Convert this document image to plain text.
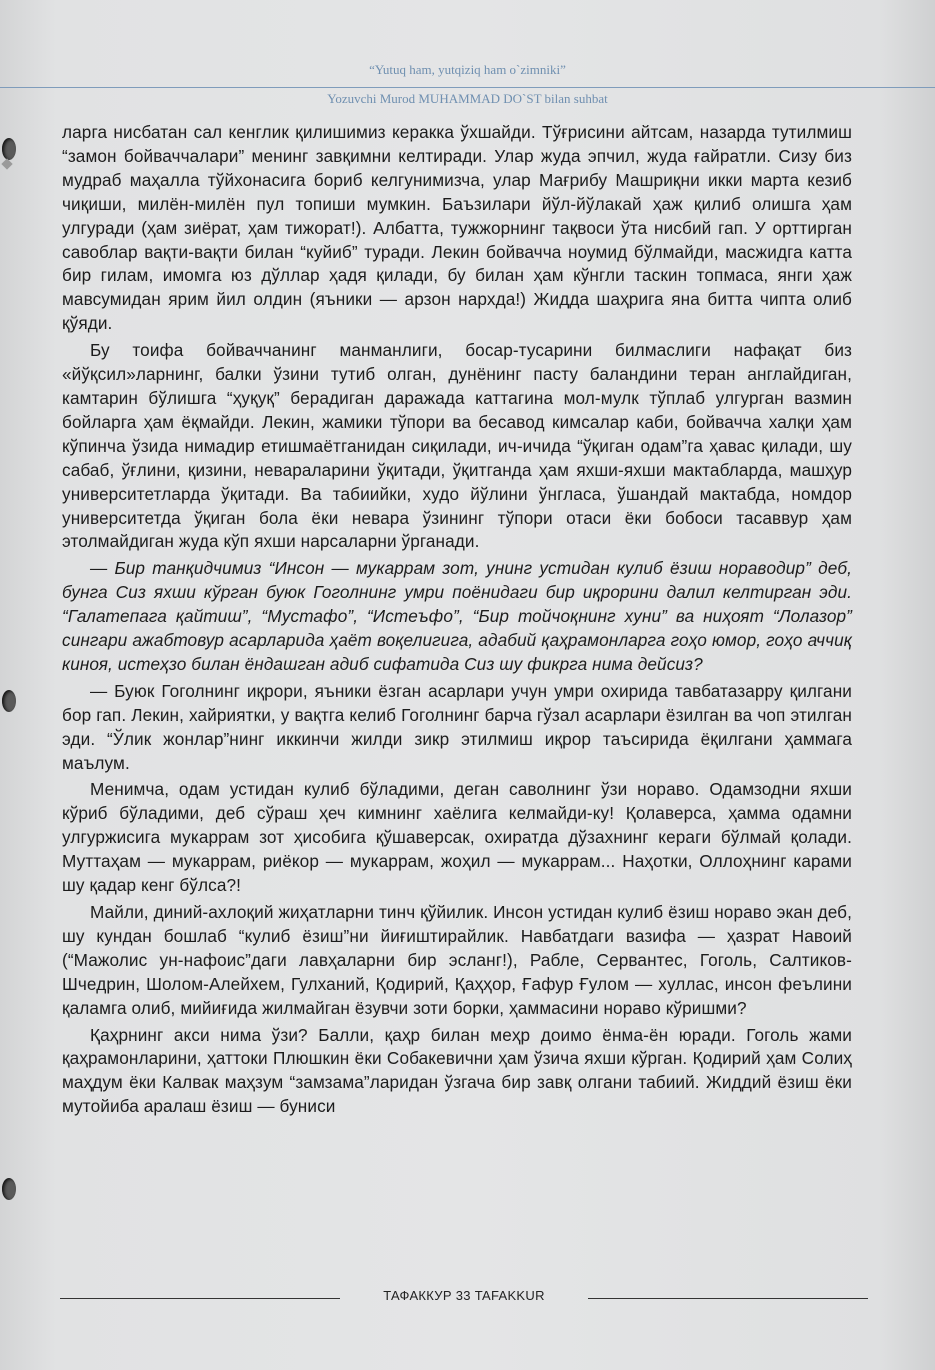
“Yutuq ham, yutqiziq ham o`zimniki”
Yozuvchi Murod MUHAMMAD DO`ST bilan suhbat

ларга нисбатан сал кенглик қилишимиз кеpакка ўхшайди. Тўғрисини айтсам, назарда тутилмиш “замон бойваччалари” менинг завқимни келтиради. Улар жуда эпчил, жуда ғайратли. Сизу биз мудраб маҳалла тўйхонасига бориб келгунимизча, улар Мағрибу Машриқни икки марта кезиб чиқиши, милён-милён пул топиши мумкин. Баъзилари йўл-йўлакай ҳаж қилиб олишга ҳам улгуради (ҳам зиёрат, ҳам тижорат!). Албатта, тужжорнинг тақвоси ўта нисбий гап. У орттирган савоблар вақти-вақти билан “куйиб” туради. Лекин бойвачча ноумид бўлмайди, масжидга катта бир гилам, имомга юз дўллар ҳадя қилади, бу билан ҳам кўнгли таскин топмаса, янги ҳаж мавсумидан ярим йил олдин (яъники — арзон нархда!) Жидда шаҳрига яна битта чипта олиб қўяди.

Бу тоифа бойваччанинг манманлиги, босар-тусарини билмаслиги нафақат биз «йўқсил»ларнинг, балки ўзини тутиб олган, дунёнинг пасту баландини теран англайдиган, камтарин бўлишга “ҳуқуқ” берадиган даражада каттагина мол-мулк тўплаб улгурган вазмин бойларга ҳам ёқмайди. Лекин, жамики тўпори ва бесавод кимсалар каби, бойвачча халқи ҳам кўпинча ўзида нимадир етишмаётганидан сиқилади, ич-ичида “ўқиган одам”га ҳавас қилади, шу сабаб, ўғлини, қизини, невараларини ўқитади, ўқитганда ҳам яхши-яхши мактабларда, машҳур университетларда ўқитади. Ва табиийки, худо йўлини ўнгласа, ўшандай мактабда, номдор университетда ўқиган бола ёки невара ўзининг тўпори отаси ёки бобоси тасаввур ҳам этолмайдиган жуда кўп яхши нарсаларни ўрганади.

— Бир танқидчимиз “Инсон — мукаррам зот, унинг устидан кулиб ёзиш норавoдир” деб, бунга Сиз яхши кўрган буюк Гоголнинг умри поёнидаги бир иқрорини далил келтирган эди. “Галатепага қайтиш”, “Мустафо”, “Истеъфо”, “Бир тойчоқнинг хуни” ва ниҳоят “Лолазор” сингари ажабтовур асарларида ҳаёт воқелигига, адабий қаҳрамонларга гоҳо юмор, гоҳо аччиқ киноя, истеҳзо билан ёндашган адиб сифатида Сиз шу фикрга нима дейсиз?

— Буюк Гоголнинг иқрори, яъники ёзган асарлари учун умри охирида тавбатазарру қилгани бор гап. Лекин, хайриятки, у вақтга келиб Гоголнинг барча гўзал асарлари ёзилган ва чоп этилган эди. “Ўлик жонлар”нинг иккинчи жилди зикр этилмиш иқрор таъсирида ёқилгани ҳаммага маълум.

Менимча, одам устидан кулиб бўладими, деган саволнинг ўзи норавo. Одамзодни яхши кўриб бўладими, деб сўраш ҳеч кимнинг хаёлига келмайди-ку! Қолаверса, ҳамма одамни улгуржисига мукаррам зот ҳисобига қўшаверсак, охиратда дўзахнинг кераги бўлмай қолади. Муттаҳам — мукаррам, риёкор — мукаррам, жоҳил — мукаррам... Наҳотки, Оллоҳнинг карами шу қадар кенг бўлса?!

Майли, диний-ахлоқий жиҳатларни тинч қўйилик. Инсон устидан кулиб ёзиш норавo экан деб, шу кундан бошлаб “кулиб ёзиш”ни йиғиштирайлик. Навбатдаги вазифа — ҳазрат Навоий (“Мажолис ун-нафоис”даги лавҳаларни бир эсланг!), Рабле, Сервантес, Гоголь, Салтиков-Шчедрин, Шолом-Алейхем, Гулханий, Қодирий, Қаҳҳор, Ғафур Ғулом — хуллас, инсон феълини қаламга олиб, мийиғида жилмайган ёзувчи зоти борки, ҳаммасини норавo кўришми?

Қаҳрнинг акси нима ўзи? Балли, қаҳр билан меҳр доимо ёнма-ён юради. Гоголь жами қаҳрамонларини, ҳаттоки Плюшкин ёки Собакевични ҳам ўзича яхши кўрган. Қодирий ҳам Солиҳ маҳдум ёки Калвак маҳзум “замзама”ларидан ўзгача бир завқ олгани табиий. Жиддий ёзиш ёки мутойиба аралаш ёзиш — буниси

ТАФАККУР 33 TAFAKKUR
